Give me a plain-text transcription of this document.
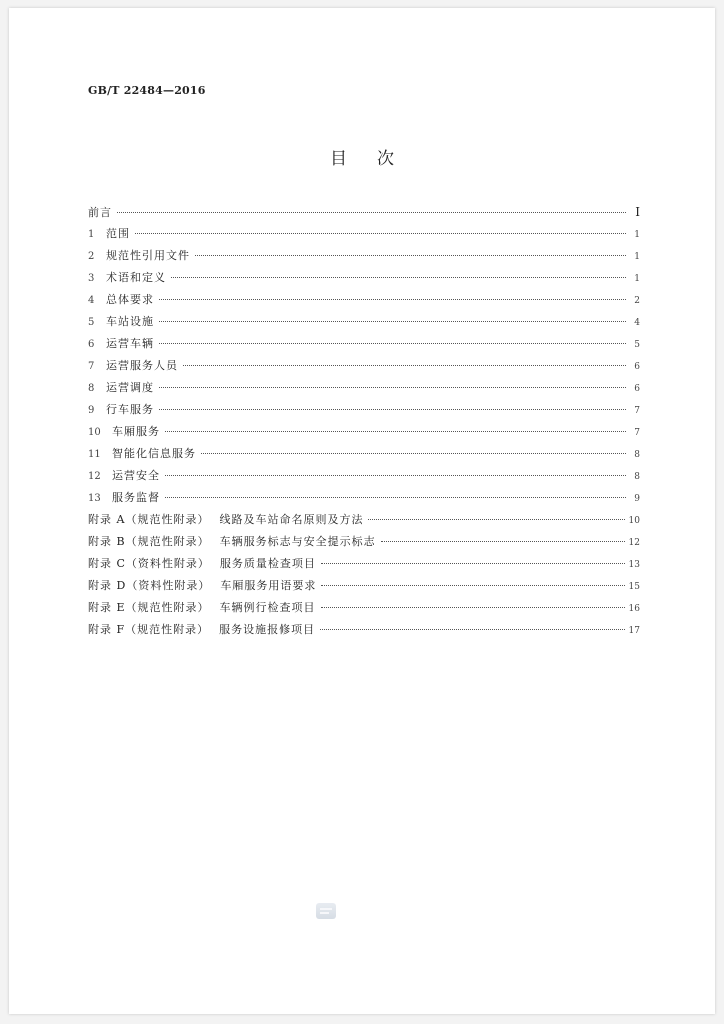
GB/T 22484—2016
目次
前言	I
1 范围	1
2 规范性引用文件	1
3 术语和定义	1
4 总体要求	2
5 车站设施	4
6 运营车辆	5
7 运营服务人员	6
8 运营调度	6
9 行车服务	7
10 车厢服务	7
11 智能化信息服务	8
12 运营安全	8
13 服务监督	9
附录 A（规范性附录） 线路及车站命名原则及方法	10
附录 B（规范性附录） 车辆服务标志与安全提示标志	12
附录 C（资料性附录） 服务质量检查项目	13
附录 D（资料性附录） 车厢服务用语要求	15
附录 E（规范性附录） 车辆例行检查项目	16
附录 F（规范性附录） 服务设施报修项目	17
